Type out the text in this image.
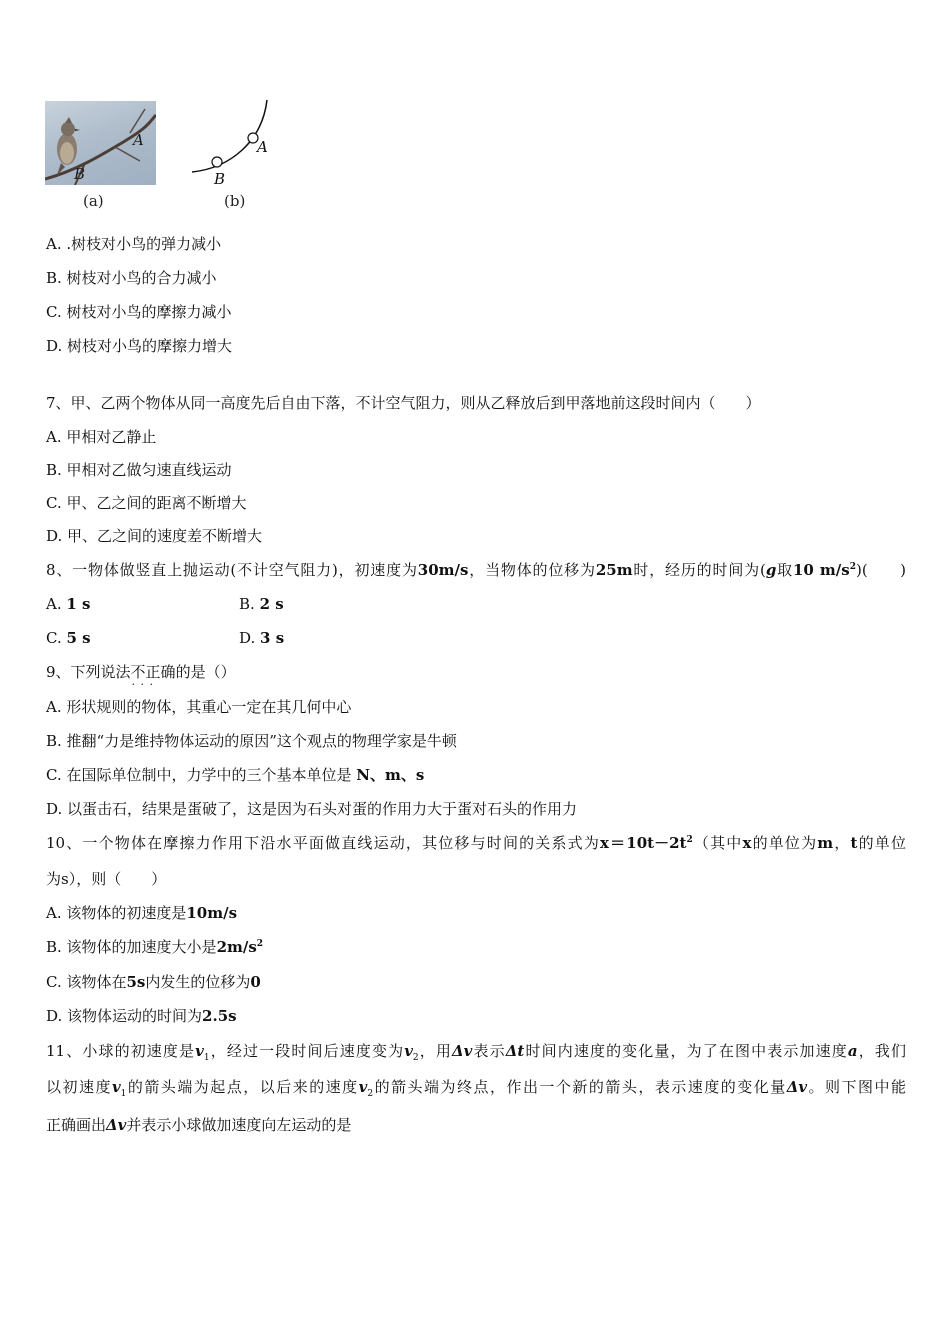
A
B
A
B
(a)	(b)
A. .树枝对小鸟的弹力减小
B. 树枝对小鸟的合力减小
C. 树枝对小鸟的摩擦力减小
D. 树枝对小鸟的摩擦力增大
7、甲、乙两个物体从同一高度先后自由下落，不计空气阻力，则从乙释放后到甲落地前这段时间内（　　）
A. 甲相对乙静止
B. 甲相对乙做匀速直线运动
C. 甲、乙之间的距离不断增大
D. 甲、乙之间的速度差不断增大
8、一物体做竖直上抛运动(不计空气阻力)，初速度为30m/s，当物体的位移为25m时，经历的时间为(g取10 $m/s^2$)(　　)
A. 1 s	B. 2 s
C. 5 s	D. 3 s
9、下列说法不正确 · · ·的是（）
A. 形状规则的物体，其重心一定在其几何中心
B. 推翻“力是维持物体运动的原因”这个观点的物理学家是牛顿
C. 在国际单位制中，力学中的三个基本单位是 N、m、s
D. 以蛋击石，结果是蛋破了，这是因为石头对蛋的作用力大于蛋对石头的作用力
10、一个物体在摩擦力作用下沿水平面做直线运动，其位移与时间的关系式为$x=10t-2t^2$（其中x的单位为m，t的单位
为s），则（　　）
A. 该物体的初速度是10m/s
B. 该物体的加速度大小是$2m/s^2$
C. 该物体在5s内发生的位移为0
D. 该物体运动的时间为2.5s
11、小球的初速度是$v_1$，经过一段时间后速度变为$v_2$，用Δv表示Δt时间内速度的变化量，为了在图中表示加速度a，我们
以初速度$v_1$的箭头端为起点，以后来的速度$v_2$的箭头端为终点，作出一个新的箭头，表示速度的变化量Δv。则下图中能
正确画出Δv并表示小球做加速度向左运动的是
